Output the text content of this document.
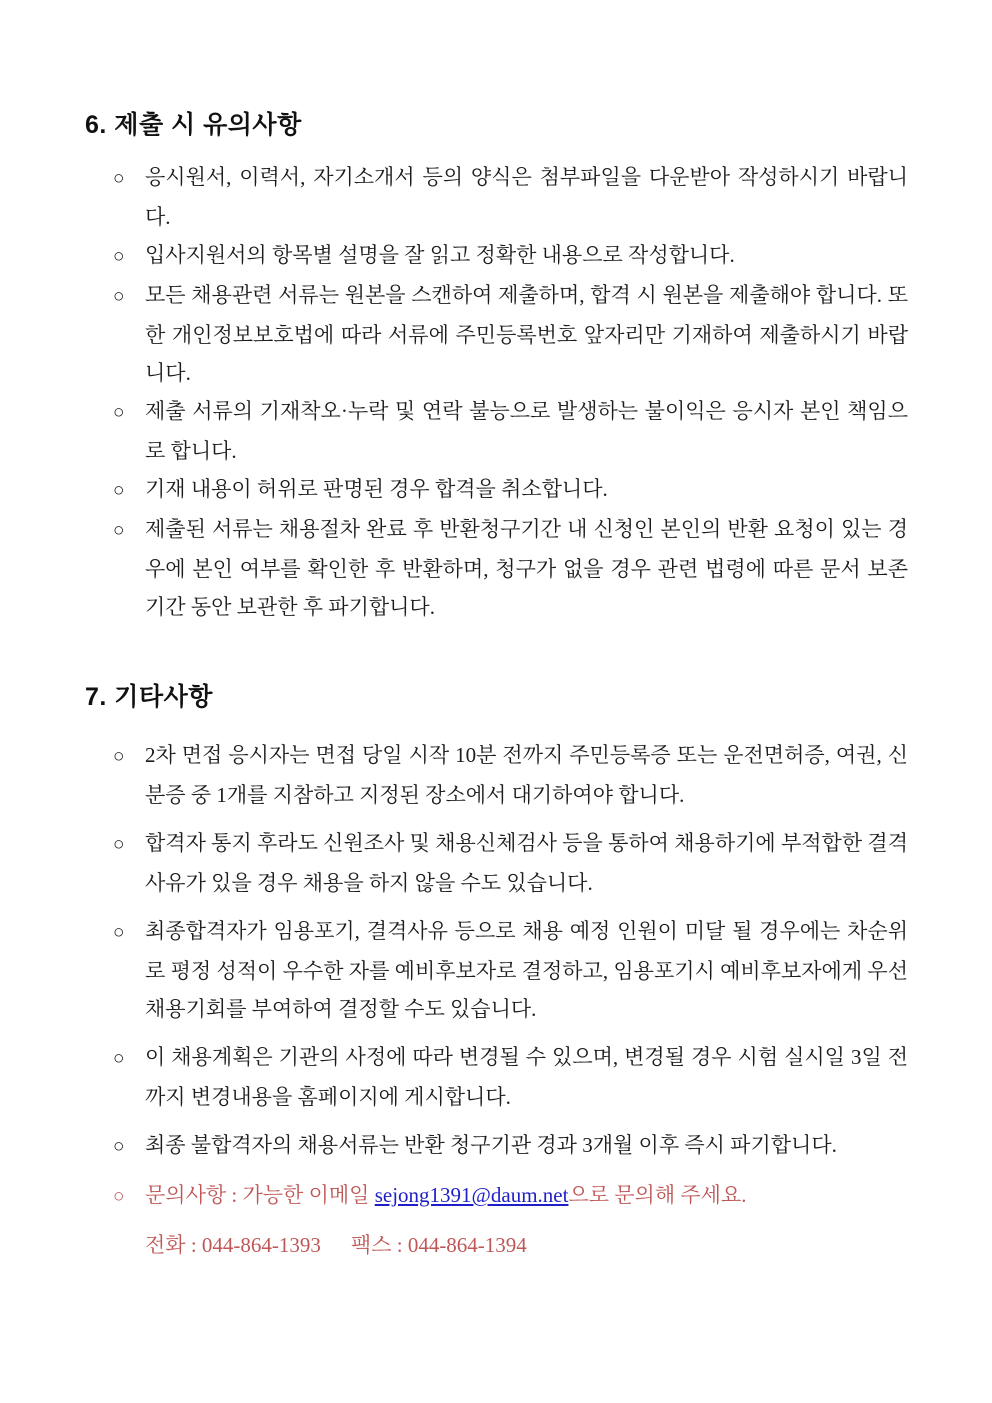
6. 제출 시 유의사항
○ 응시원서, 이력서, 자기소개서 등의 양식은 첨부파일을 다운받아 작성하시기 바랍니다.
○ 입사지원서의 항목별 설명을 잘 읽고 정확한 내용으로 작성합니다.
○ 모든 채용관련 서류는 원본을 스캔하여 제출하며, 합격 시 원본을 제출해야 합니다. 또한 개인정보보호법에 따라 서류에 주민등록번호 앞자리만 기재하여 제출하시기 바랍니다.
○ 제출 서류의 기재착오·누락 및 연락 불능으로 발생하는 불이익은 응시자 본인 책임으로 합니다.
○ 기재 내용이 허위로 판명된 경우 합격을 취소합니다.
○ 제출된 서류는 채용절차 완료 후 반환청구기간 내 신청인 본인의 반환 요청이 있는 경우에 본인 여부를 확인한 후 반환하며, 청구가 없을 경우 관련 법령에 따른 문서 보존기간 동안 보관한 후 파기합니다.
7. 기타사항
○ 2차 면접 응시자는 면접 당일 시작 10분 전까지 주민등록증 또는 운전면허증, 여권, 신분증 중 1개를 지참하고 지정된 장소에서 대기하여야 합니다.
○ 합격자 통지 후라도 신원조사 및 채용신체검사 등을 통하여 채용하기에 부적합한 결격사유가 있을 경우 채용을 하지 않을 수도 있습니다.
○ 최종합격자가 임용포기, 결격사유 등으로 채용 예정 인원이 미달 될 경우에는 차순위로 평정 성적이 우수한 자를 예비후보자로 결정하고, 임용포기시 예비후보자에게 우선 채용기회를 부여하여 결정할 수도 있습니다.
○ 이 채용계획은 기관의 사정에 따라 변경될 수 있으며, 변경될 경우 시험 실시일 3일 전까지 변경내용을 홈페이지에 게시합니다.
○ 최종 불합격자의 채용서류는 반환 청구기관 경과 3개월 이후 즉시 파기합니다.
○ 문의사항 : 가능한 이메일 sejong1391@daum.net으로 문의해 주세요.
전화 : 044-864-1393 팩스 : 044-864-1394
